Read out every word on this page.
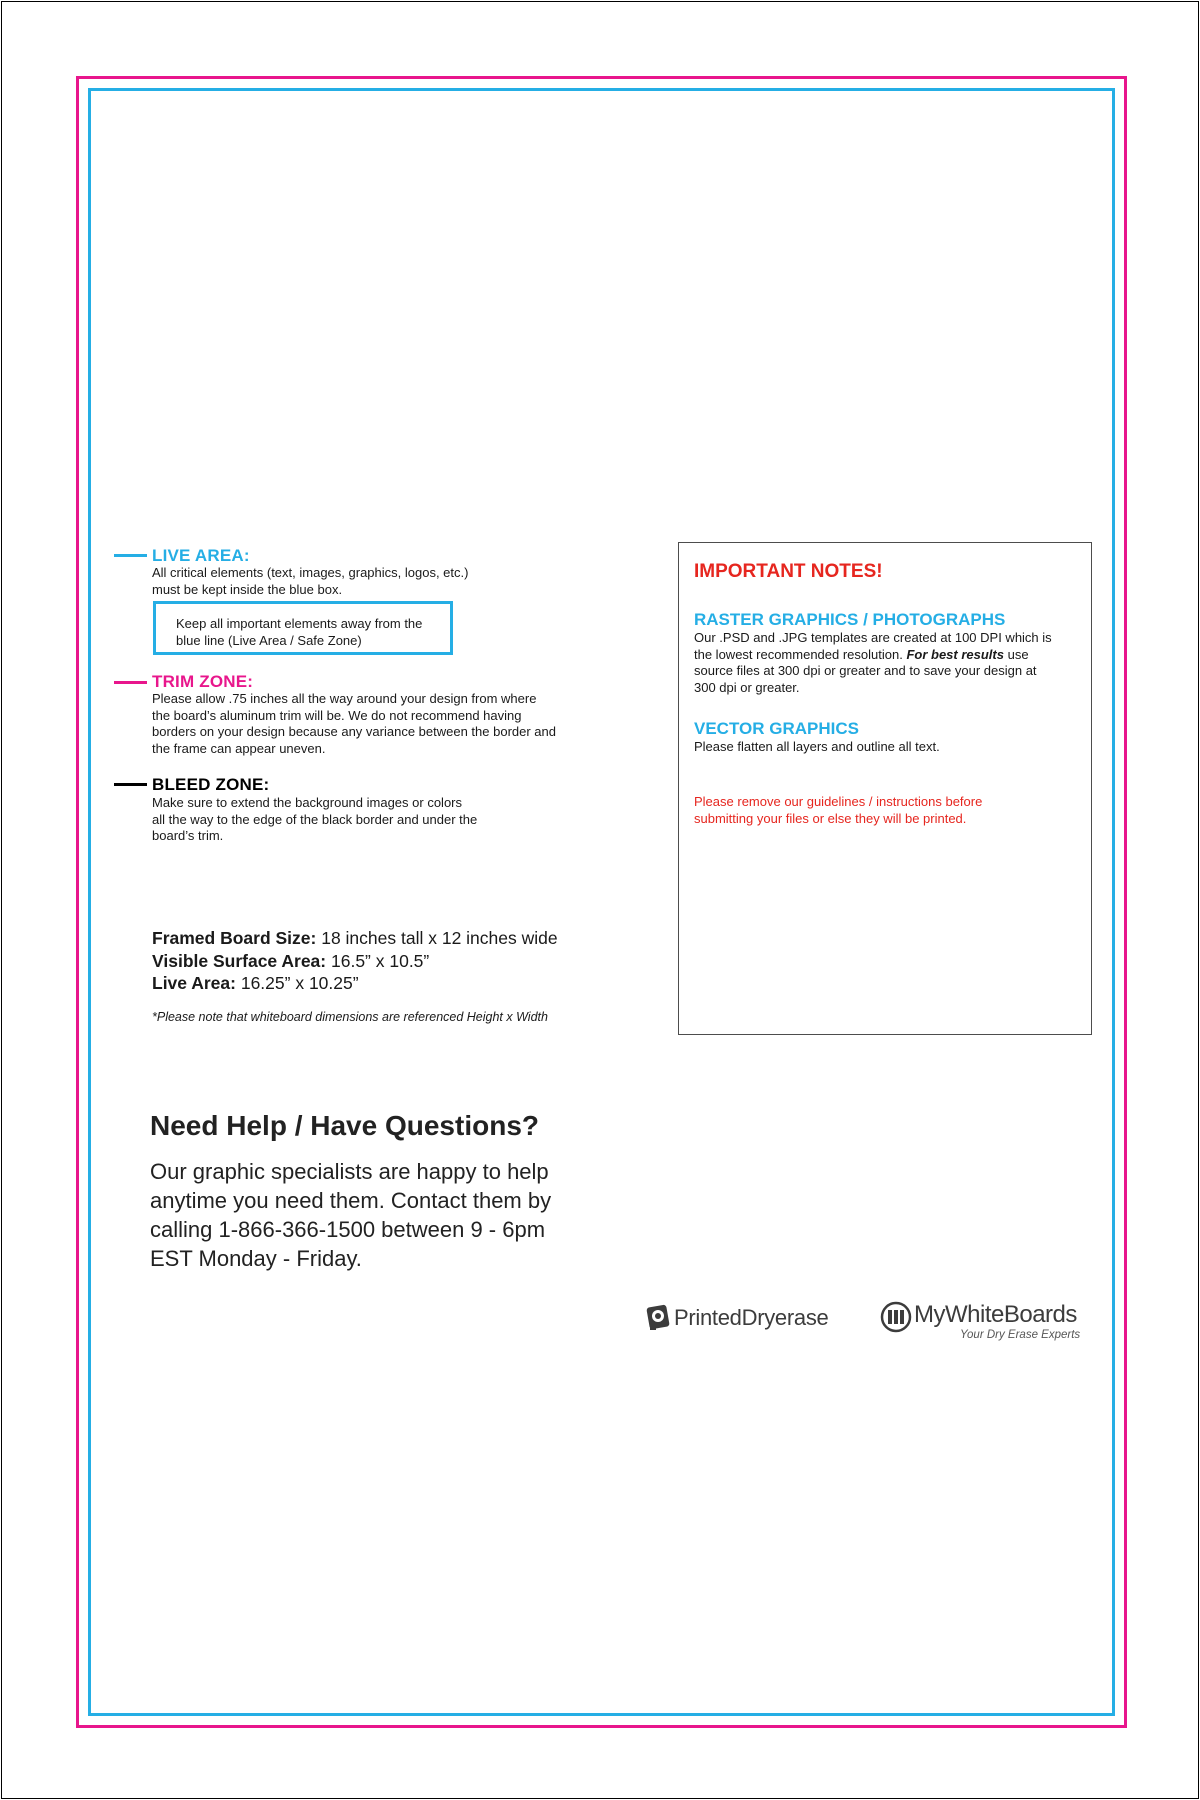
LIVE AREA:
All critical elements (text, images, graphics, logos, etc.)
must be kept inside the blue box.
Keep all important elements away from the
blue line (Live Area / Safe Zone)
TRIM ZONE:
Please allow .75 inches all the way around your design from where
the board’s aluminum trim will be. We do not recommend having
borders on your design because any variance between the border and
the frame can appear uneven.
BLEED ZONE:
Make sure to extend the background images or colors
all the way to the edge of the black border and under the
board’s trim.
Framed Board Size: 18 inches tall x 12 inches wide
Visible Surface Area: 16.5” x 10.5”
Live Area: 16.25” x 10.25”
*Please note that whiteboard dimensions are referenced Height x Width
Need Help / Have Questions?
Our graphic specialists are happy to help
anytime you need them. Contact them by
calling 1-866-366-1500 between 9 - 6pm
EST Monday - Friday.
IMPORTANT NOTES!
RASTER GRAPHICS / PHOTOGRAPHS
Our .PSD and .JPG templates are created at 100 DPI which is
the lowest recommended resolution. For best results use
source files at 300 dpi or greater and to save your design at
300 dpi or greater.
VECTOR GRAPHICS
Please flatten all layers and outline all text.
Please remove our guidelines / instructions before
submitting your files or else they will be printed.
PrintedDryerase	MyWhiteBoards
Your Dry Erase Experts
